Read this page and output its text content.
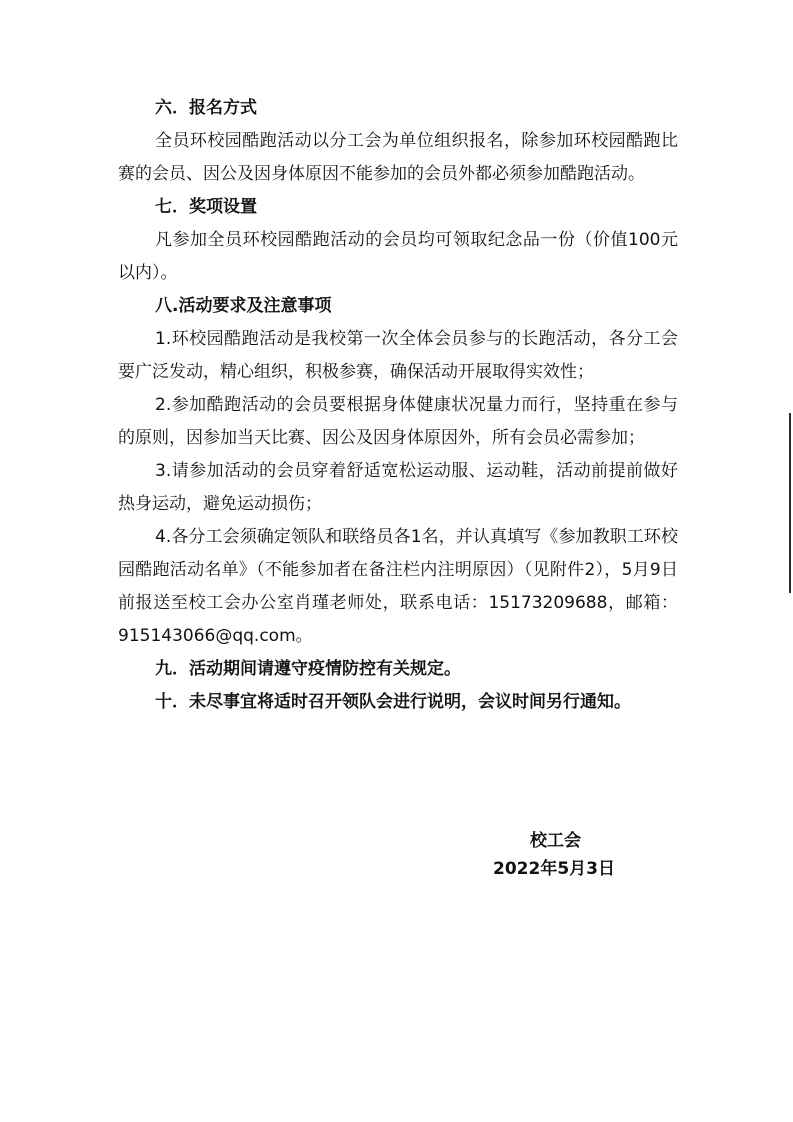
六．报名方式

全员环校园酷跑活动以分工会为单位组织报名，除参加环校园酷跑比赛的会员、因公及因身体原因不能参加的会员外都必须参加酷跑活动。

七．奖项设置

凡参加全员环校园酷跑活动的会员均可领取纪念品一份（价值100元以内）。

八.活动要求及注意事项

1.环校园酷跑活动是我校第一次全体会员参与的长跑活动，各分工会要广泛发动，精心组织，积极参赛，确保活动开展取得实效性；

2.参加酷跑活动的会员要根据身体健康状况量力而行，坚持重在参与的原则，因参加当天比赛、因公及因身体原因外，所有会员必需参加；

3.请参加活动的会员穿着舒适宽松运动服、运动鞋，活动前提前做好热身运动，避免运动损伤；

4.各分工会须确定领队和联络员各1名，并认真填写《参加教职工环校园酷跑活动名单》（不能参加者在备注栏内注明原因）（见附件2），5月9日前报送至校工会办公室肖瑾老师处，联系电话：15173209688，邮箱：915143066@qq.com。

九．活动期间请遵守疫情防控有关规定。

十．未尽事宜将适时召开领队会进行说明，会议时间另行通知。

校工会
2022年5月3日
